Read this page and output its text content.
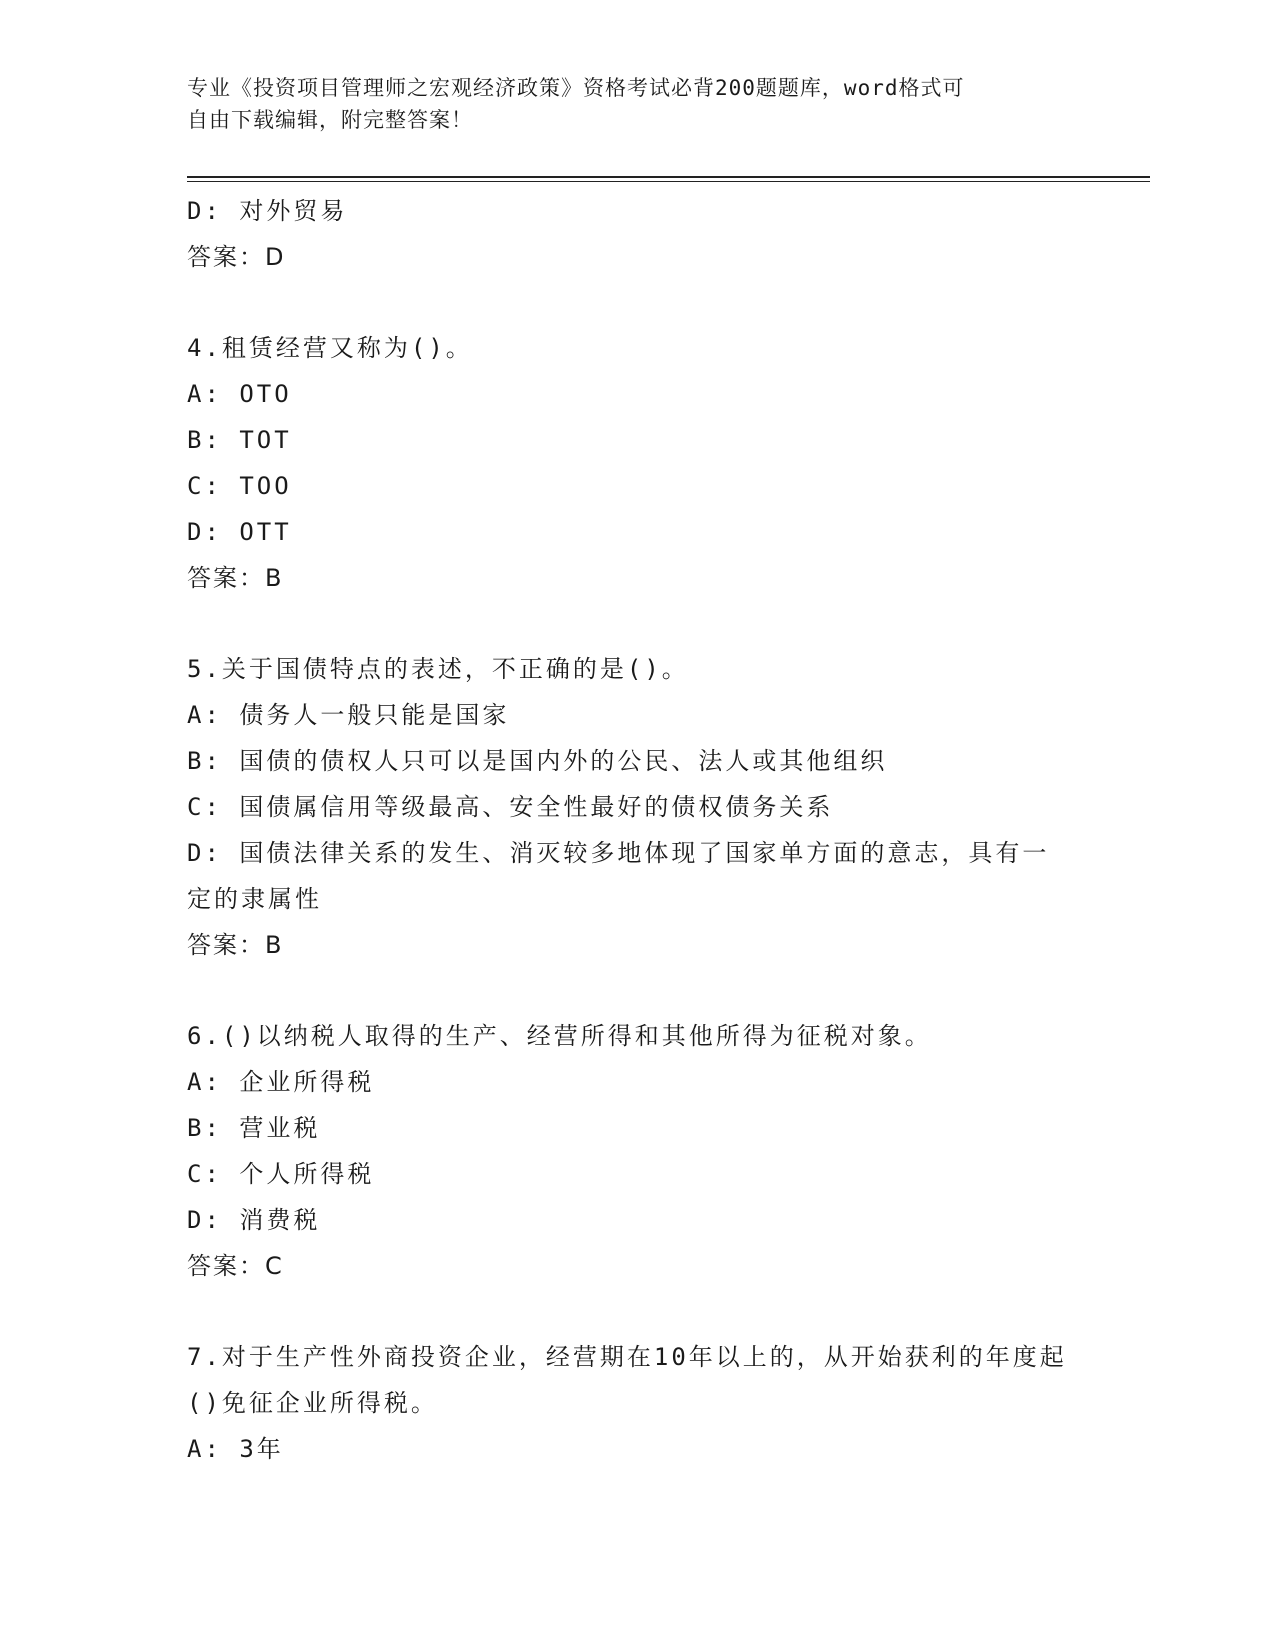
专业《投资项目管理师之宏观经济政策》资格考试必背200题题库，word格式可
自由下载编辑，附完整答案！
D: 对外贸易
答案：D
4.租赁经营又称为()。
A: OTO
B: TOT
C: TOO
D: OTT
答案：B
5.关于国债特点的表述，不正确的是()。
A: 债务人一般只能是国家
B: 国债的债权人只可以是国内外的公民、法人或其他组织
C: 国债属信用等级最高、安全性最好的债权债务关系
D: 国债法律关系的发生、消灭较多地体现了国家单方面的意志，具有一定的隶属性
答案：B
6.()以纳税人取得的生产、经营所得和其他所得为征税对象。
A: 企业所得税
B: 营业税
C: 个人所得税
D: 消费税
答案：C
7.对于生产性外商投资企业，经营期在10年以上的，从开始获利的年度起()免征企业所得税。
A: 3年
